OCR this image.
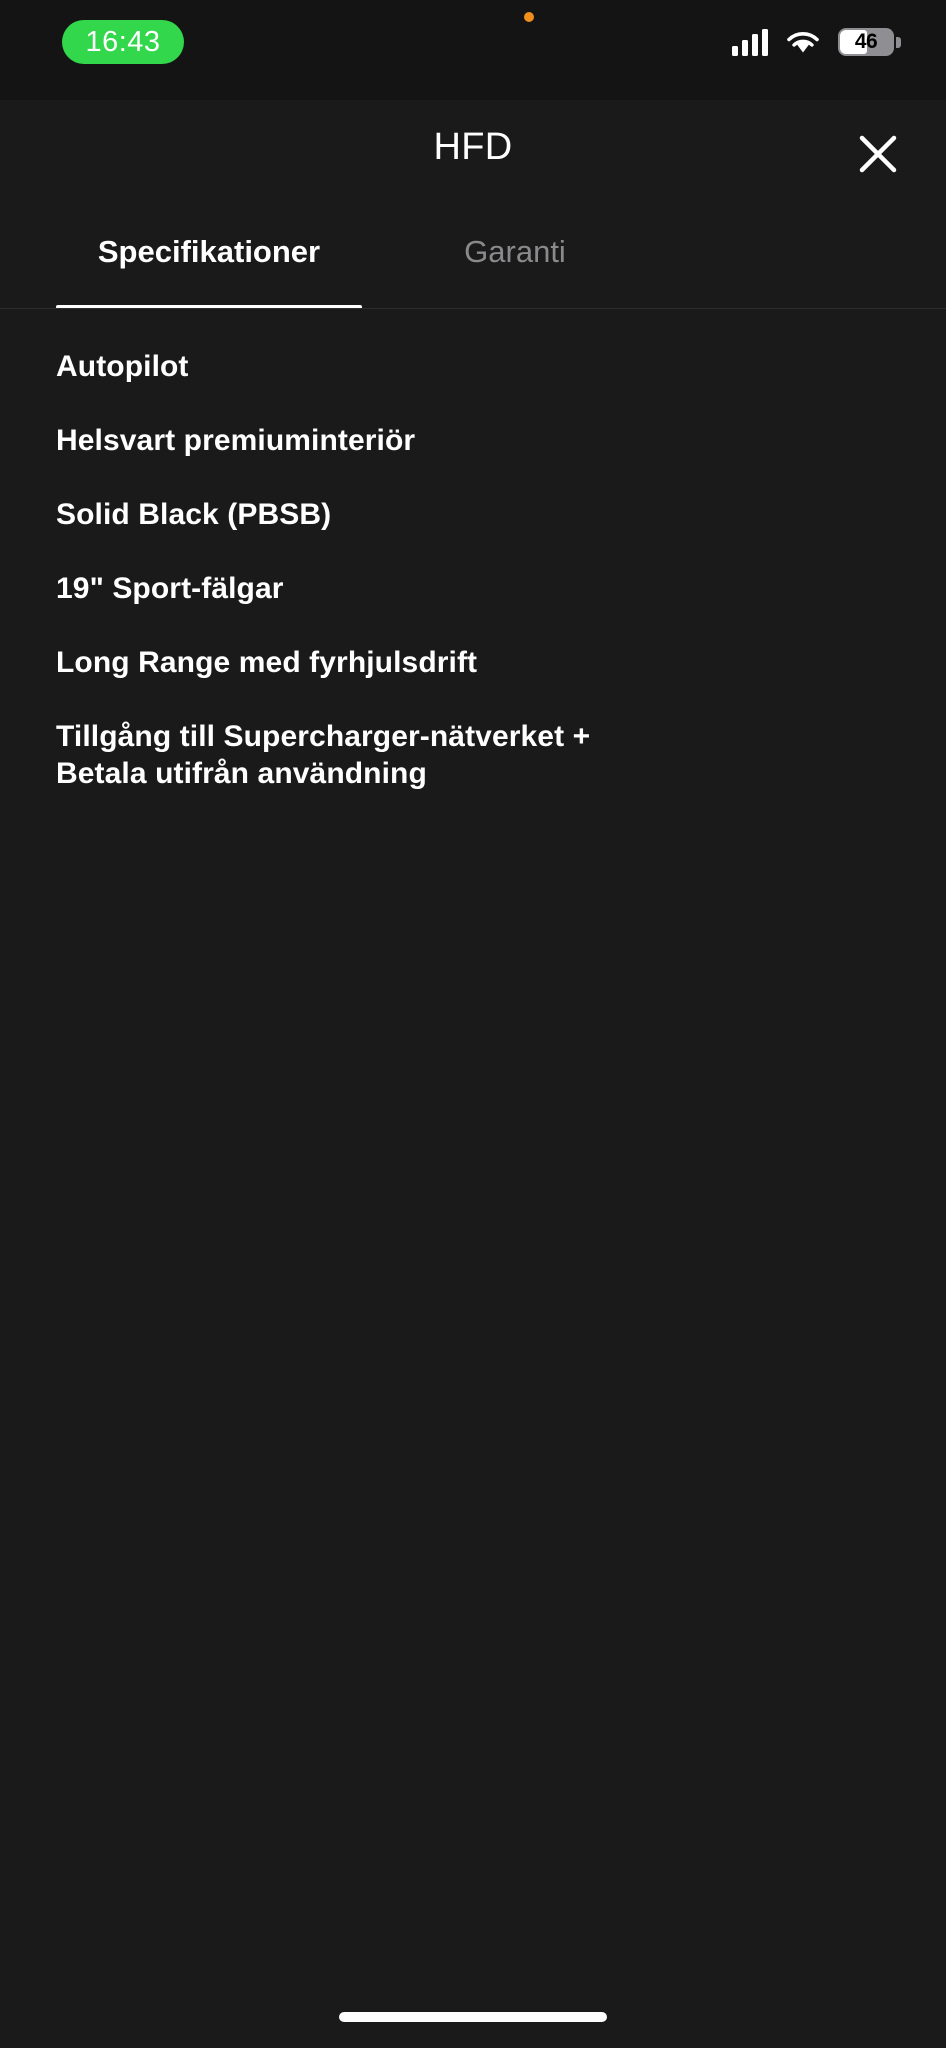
16:43	46
HFD
Specifikationer	Garanti
Autopilot
Helsvart premiuminteriör
Solid Black (PBSB)
19" Sport-fälgar
Long Range med fyrhjulsdrift
Tillgång till Supercharger-nätverket + Betala utifrån användning
